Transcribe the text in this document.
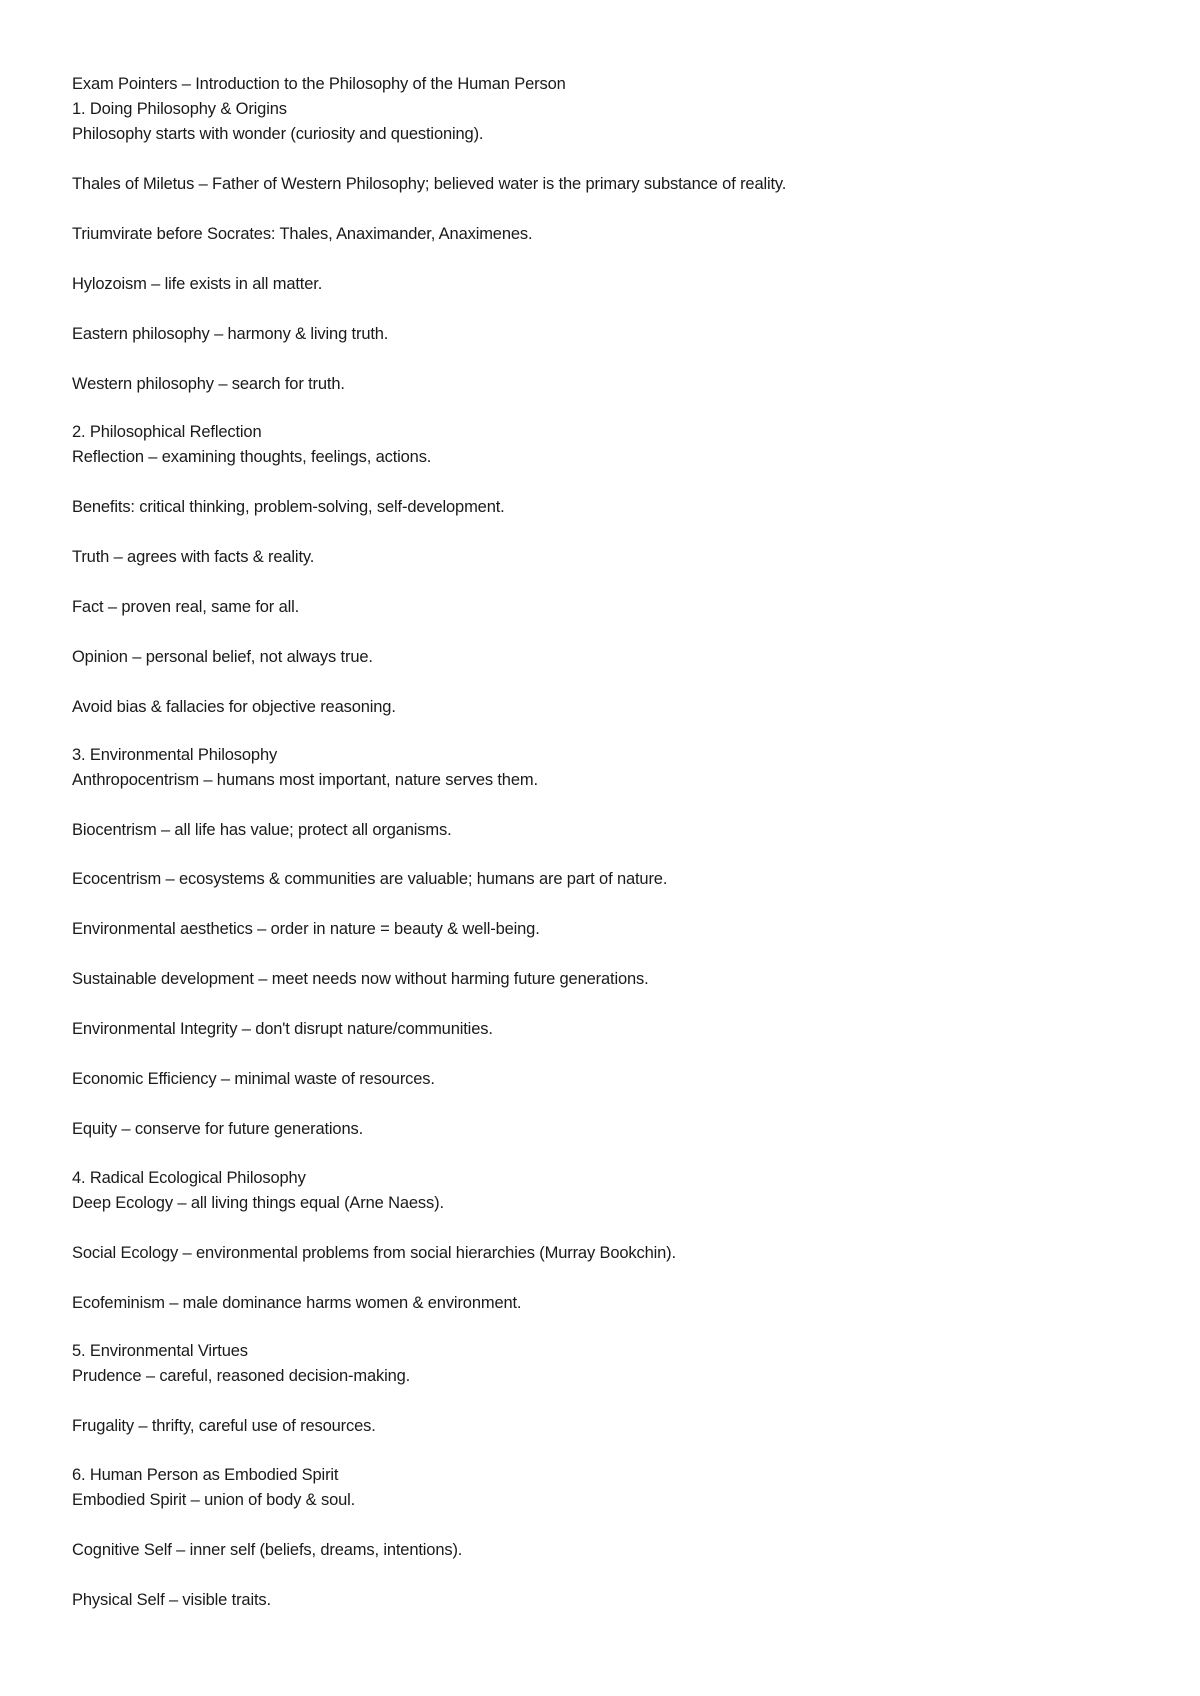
Exam Pointers – Introduction to the Philosophy of the Human Person
1. Doing Philosophy & Origins
Philosophy starts with wonder (curiosity and questioning).
Thales of Miletus – Father of Western Philosophy; believed water is the primary substance of reality.
Triumvirate before Socrates: Thales, Anaximander, Anaximenes.
Hylozoism – life exists in all matter.
Eastern philosophy – harmony & living truth.
Western philosophy – search for truth.
2. Philosophical Reflection
Reflection – examining thoughts, feelings, actions.
Benefits: critical thinking, problem-solving, self-development.
Truth – agrees with facts & reality.
Fact – proven real, same for all.
Opinion – personal belief, not always true.
Avoid bias & fallacies for objective reasoning.
3. Environmental Philosophy
Anthropocentrism – humans most important, nature serves them.
Biocentrism – all life has value; protect all organisms.
Ecocentrism – ecosystems & communities are valuable; humans are part of nature.
Environmental aesthetics – order in nature = beauty & well-being.
Sustainable development – meet needs now without harming future generations.
Environmental Integrity – don't disrupt nature/communities.
Economic Efficiency – minimal waste of resources.
Equity – conserve for future generations.
4. Radical Ecological Philosophy
Deep Ecology – all living things equal (Arne Naess).
Social Ecology – environmental problems from social hierarchies (Murray Bookchin).
Ecofeminism – male dominance harms women & environment.
5. Environmental Virtues
Prudence – careful, reasoned decision-making.
Frugality – thrifty, careful use of resources.
6. Human Person as Embodied Spirit
Embodied Spirit – union of body & soul.
Cognitive Self – inner self (beliefs, dreams, intentions).
Physical Self – visible traits.
